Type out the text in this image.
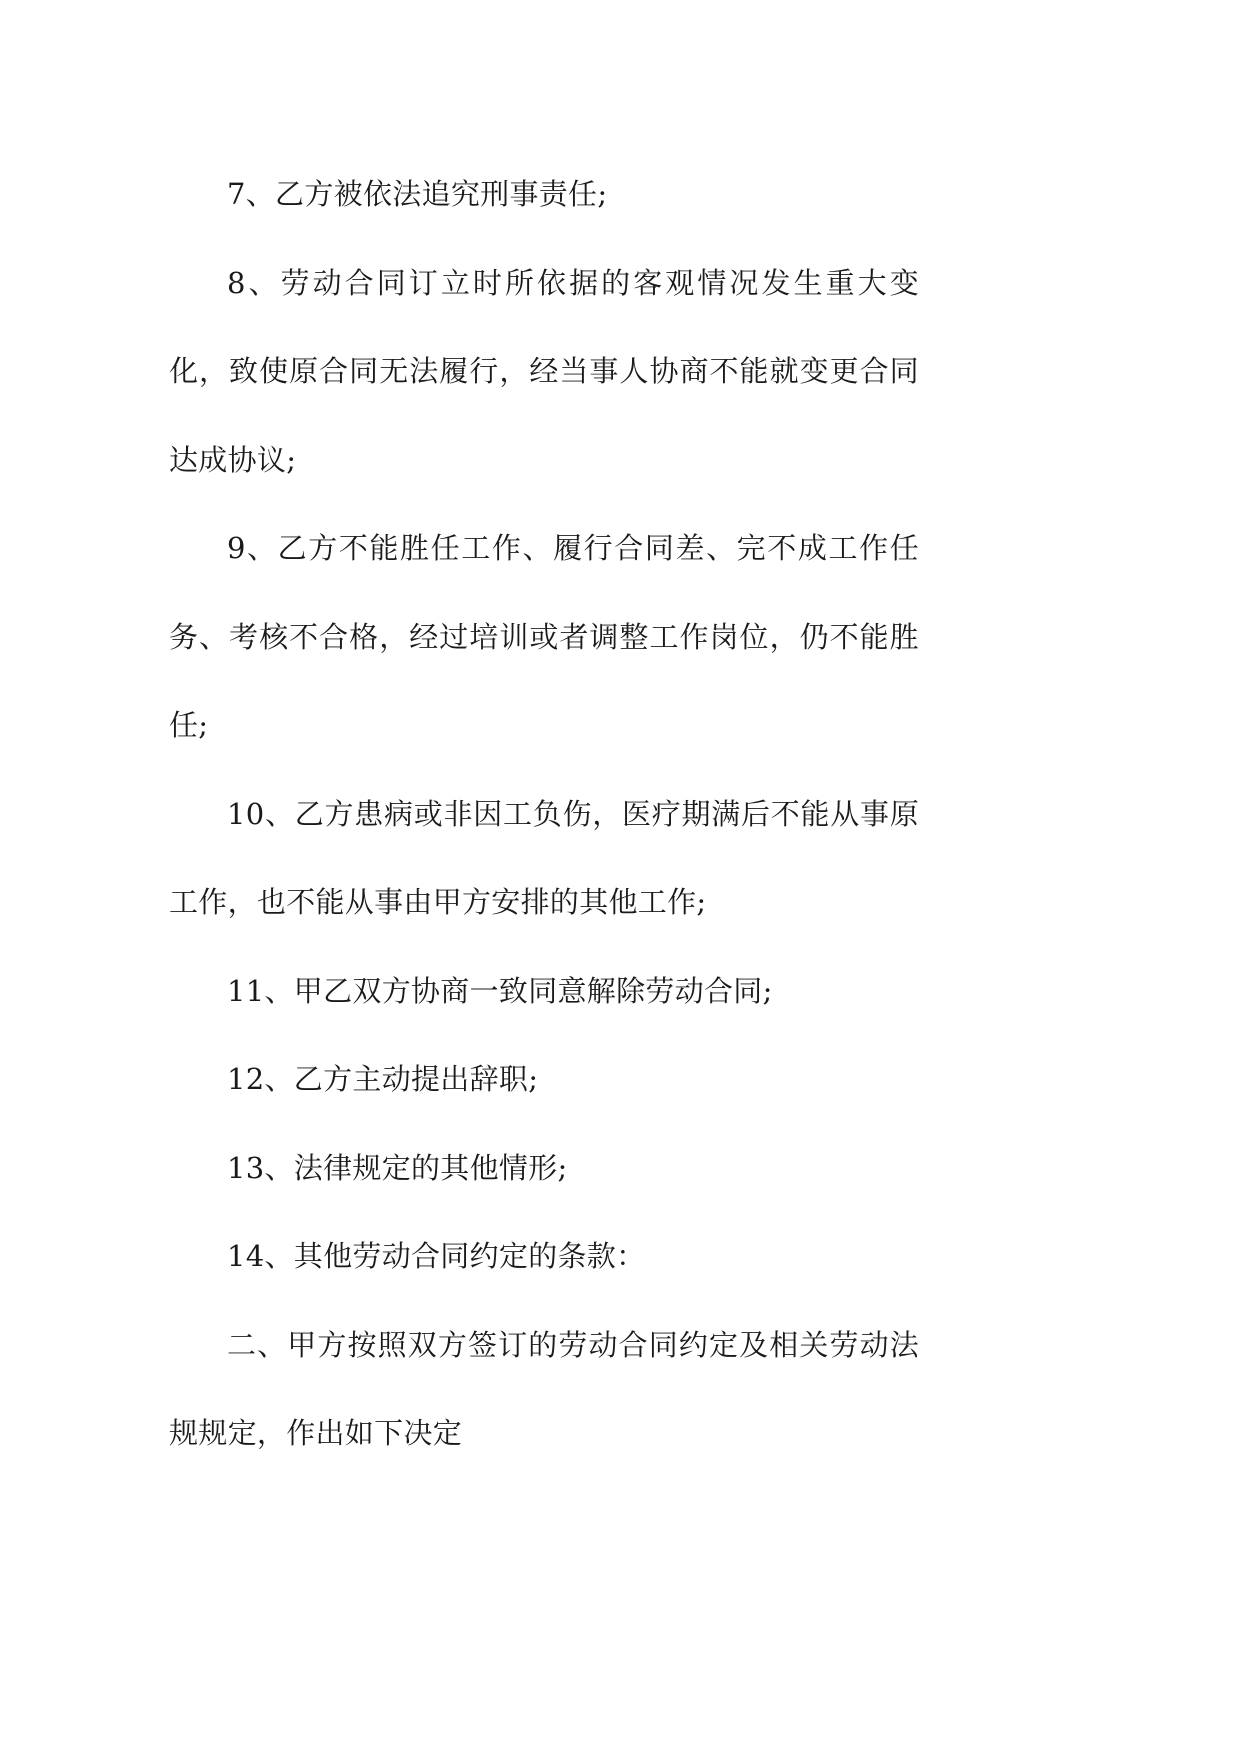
7、乙方被依法追究刑事责任;

8、劳动合同订立时所依据的客观情况发生重大变化，致使原合同无法履行，经当事人协商不能就变更合同达成协议;

9、乙方不能胜任工作、履行合同差、完不成工作任务、考核不合格，经过培训或者调整工作岗位，仍不能胜任;

10、乙方患病或非因工负伤，医疗期满后不能从事原工作，也不能从事由甲方安排的其他工作;

11、甲乙双方协商一致同意解除劳动合同;

12、乙方主动提出辞职;

13、法律规定的其他情形;

14、其他劳动合同约定的条款：

二、甲方按照双方签订的劳动合同约定及相关劳动法规规定，作出如下决定
